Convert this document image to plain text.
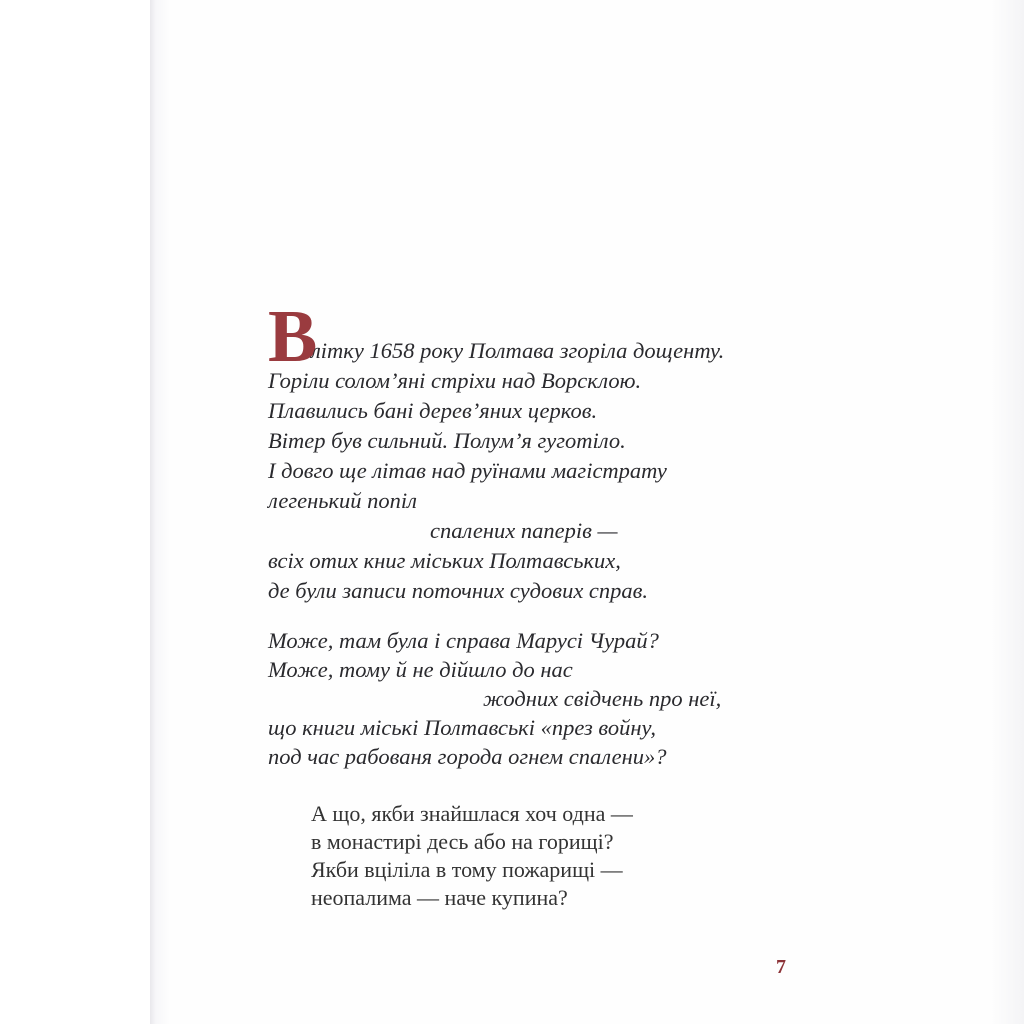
В
літку 1658 року Полтава згоріла дощенту.
Горіли солом’яні стріхи над Ворсклою.
Плавились бані дерев’яних церков.
Вітер був сильний. Полум’я гуготіло.
І довго ще літав над руїнами магістрату
легенький попіл
спалених паперів —
всіх отих книг міських Полтавських,
де були записи поточних судових справ.
Може, там була і справа Марусі Чурай?
Може, тому й не дійшло до нас
жодних свідчень про неї,
що книги міські Полтавські «през войну,
под час рабованя города огнем спалени»?
А що, якби знайшлася хоч одна —
в монастирі десь або на горищі?
Якби вціліла в тому пожарищі —
неопалима — наче купина?
7
